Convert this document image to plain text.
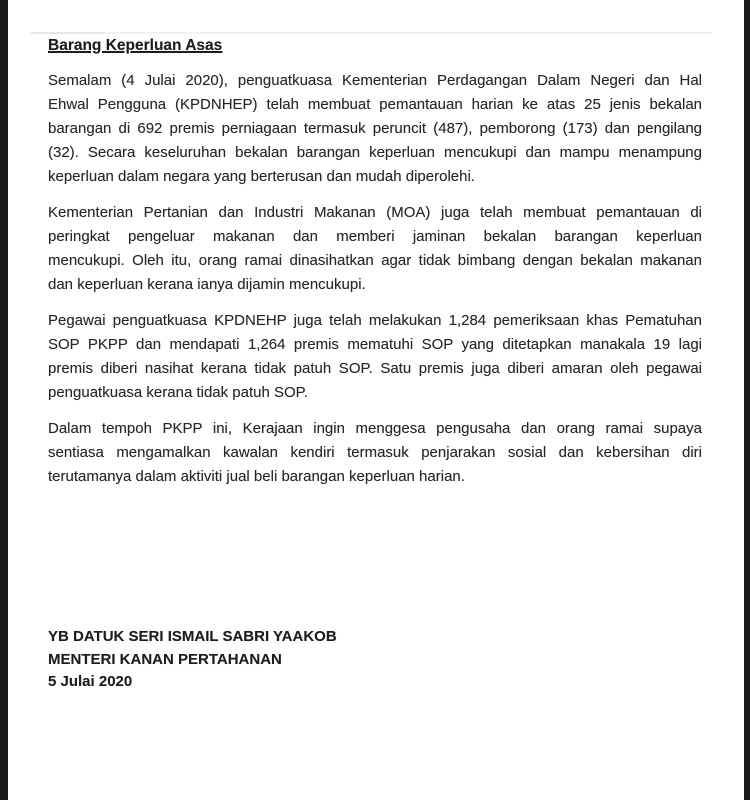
Barang Keperluan Asas
Semalam (4 Julai 2020), penguatkuasa Kementerian Perdagangan Dalam Negeri dan Hal
Ehwal Pengguna (KPDNHEP) telah membuat pemantauan harian ke atas 25 jenis bekalan
barangan di 692 premis perniagaan termasuk peruncit (487), pemborong (173) dan pengilang
(32). Secara keseluruhan bekalan barangan keperluan mencukupi dan mampu menampung
keperluan dalam negara yang berterusan dan mudah diperolehi.
Kementerian Pertanian dan Industri Makanan (MOA) juga telah membuat pemantauan di
peringkat pengeluar makanan dan memberi jaminan bekalan barangan keperluan
mencukupi. Oleh itu, orang ramai dinasihatkan agar tidak bimbang dengan bekalan makanan
dan keperluan kerana ianya dijamin mencukupi.
Pegawai penguatkuasa KPDNEHP juga telah melakukan 1,284 pemeriksaan khas Pematuhan
SOP PKPP dan mendapati 1,264 premis mematuhi SOP yang ditetapkan manakala 19 lagi
premis diberi nasihat kerana tidak patuh SOP. Satu premis juga diberi amaran oleh pegawai
penguatkuasa kerana tidak patuh SOP.
Dalam tempoh PKPP ini, Kerajaan ingin menggesa pengusaha dan orang ramai supaya
sentiasa mengamalkan kawalan kendiri termasuk penjarakan sosial dan kebersihan diri
terutamanya dalam aktiviti jual beli barangan keperluan harian.
YB DATUK SERI ISMAIL SABRI YAAKOB
MENTERI KANAN PERTAHANAN
5 Julai 2020
